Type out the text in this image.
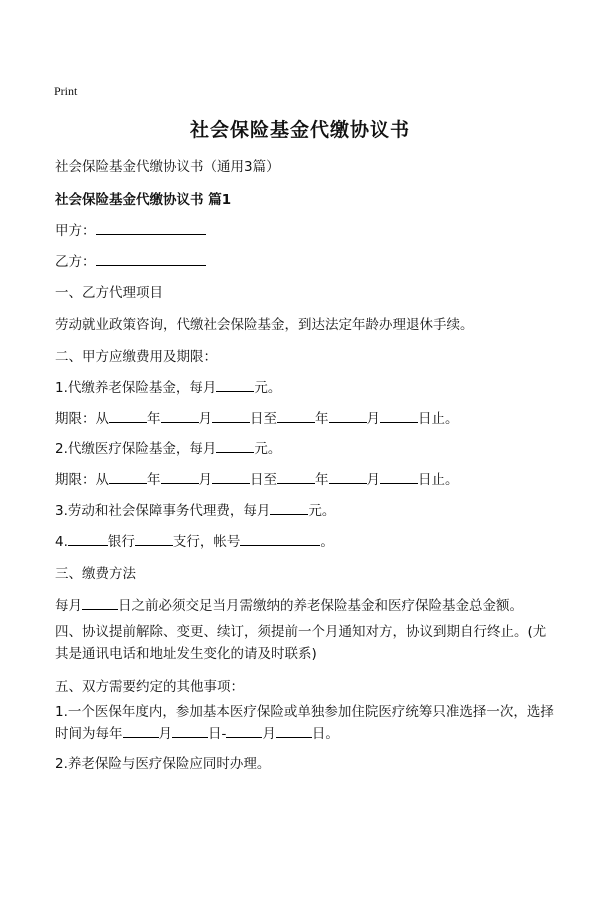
Print
社会保险基金代缴协议书
社会保险基金代缴协议书（通用3篇）
社会保险基金代缴协议书 篇1
甲方：
乙方：
一、乙方代理项目
劳动就业政策咨询，代缴社会保险基金，到达法定年龄办理退休手续。
二、甲方应缴费用及期限：
1.代缴养老保险基金，每月	元。
期限：从	年	月	日至	年	月	日止。
2.代缴医疗保险基金，每月	元。
期限：从	年	月	日至	年	月	日止。
3.劳动和社会保障事务代理费，每月	元。
4.	银行	支行，帐号	。
三、缴费方法
每月	日之前必须交足当月需缴纳的养老保险基金和医疗保险基金总金额。
四、协议提前解除、变更、续订，须提前一个月通知对方，协议到期自行终止。(尤其是通讯电话和地址发生变化的请及时联系)
五、双方需要约定的其他事项：
1.一个医保年度内，参加基本医疗保险或单独参加住院医疗统筹只准选择一次，选择时间为每年	月	日-	月	日。
2.养老保险与医疗保险应同时办理。
